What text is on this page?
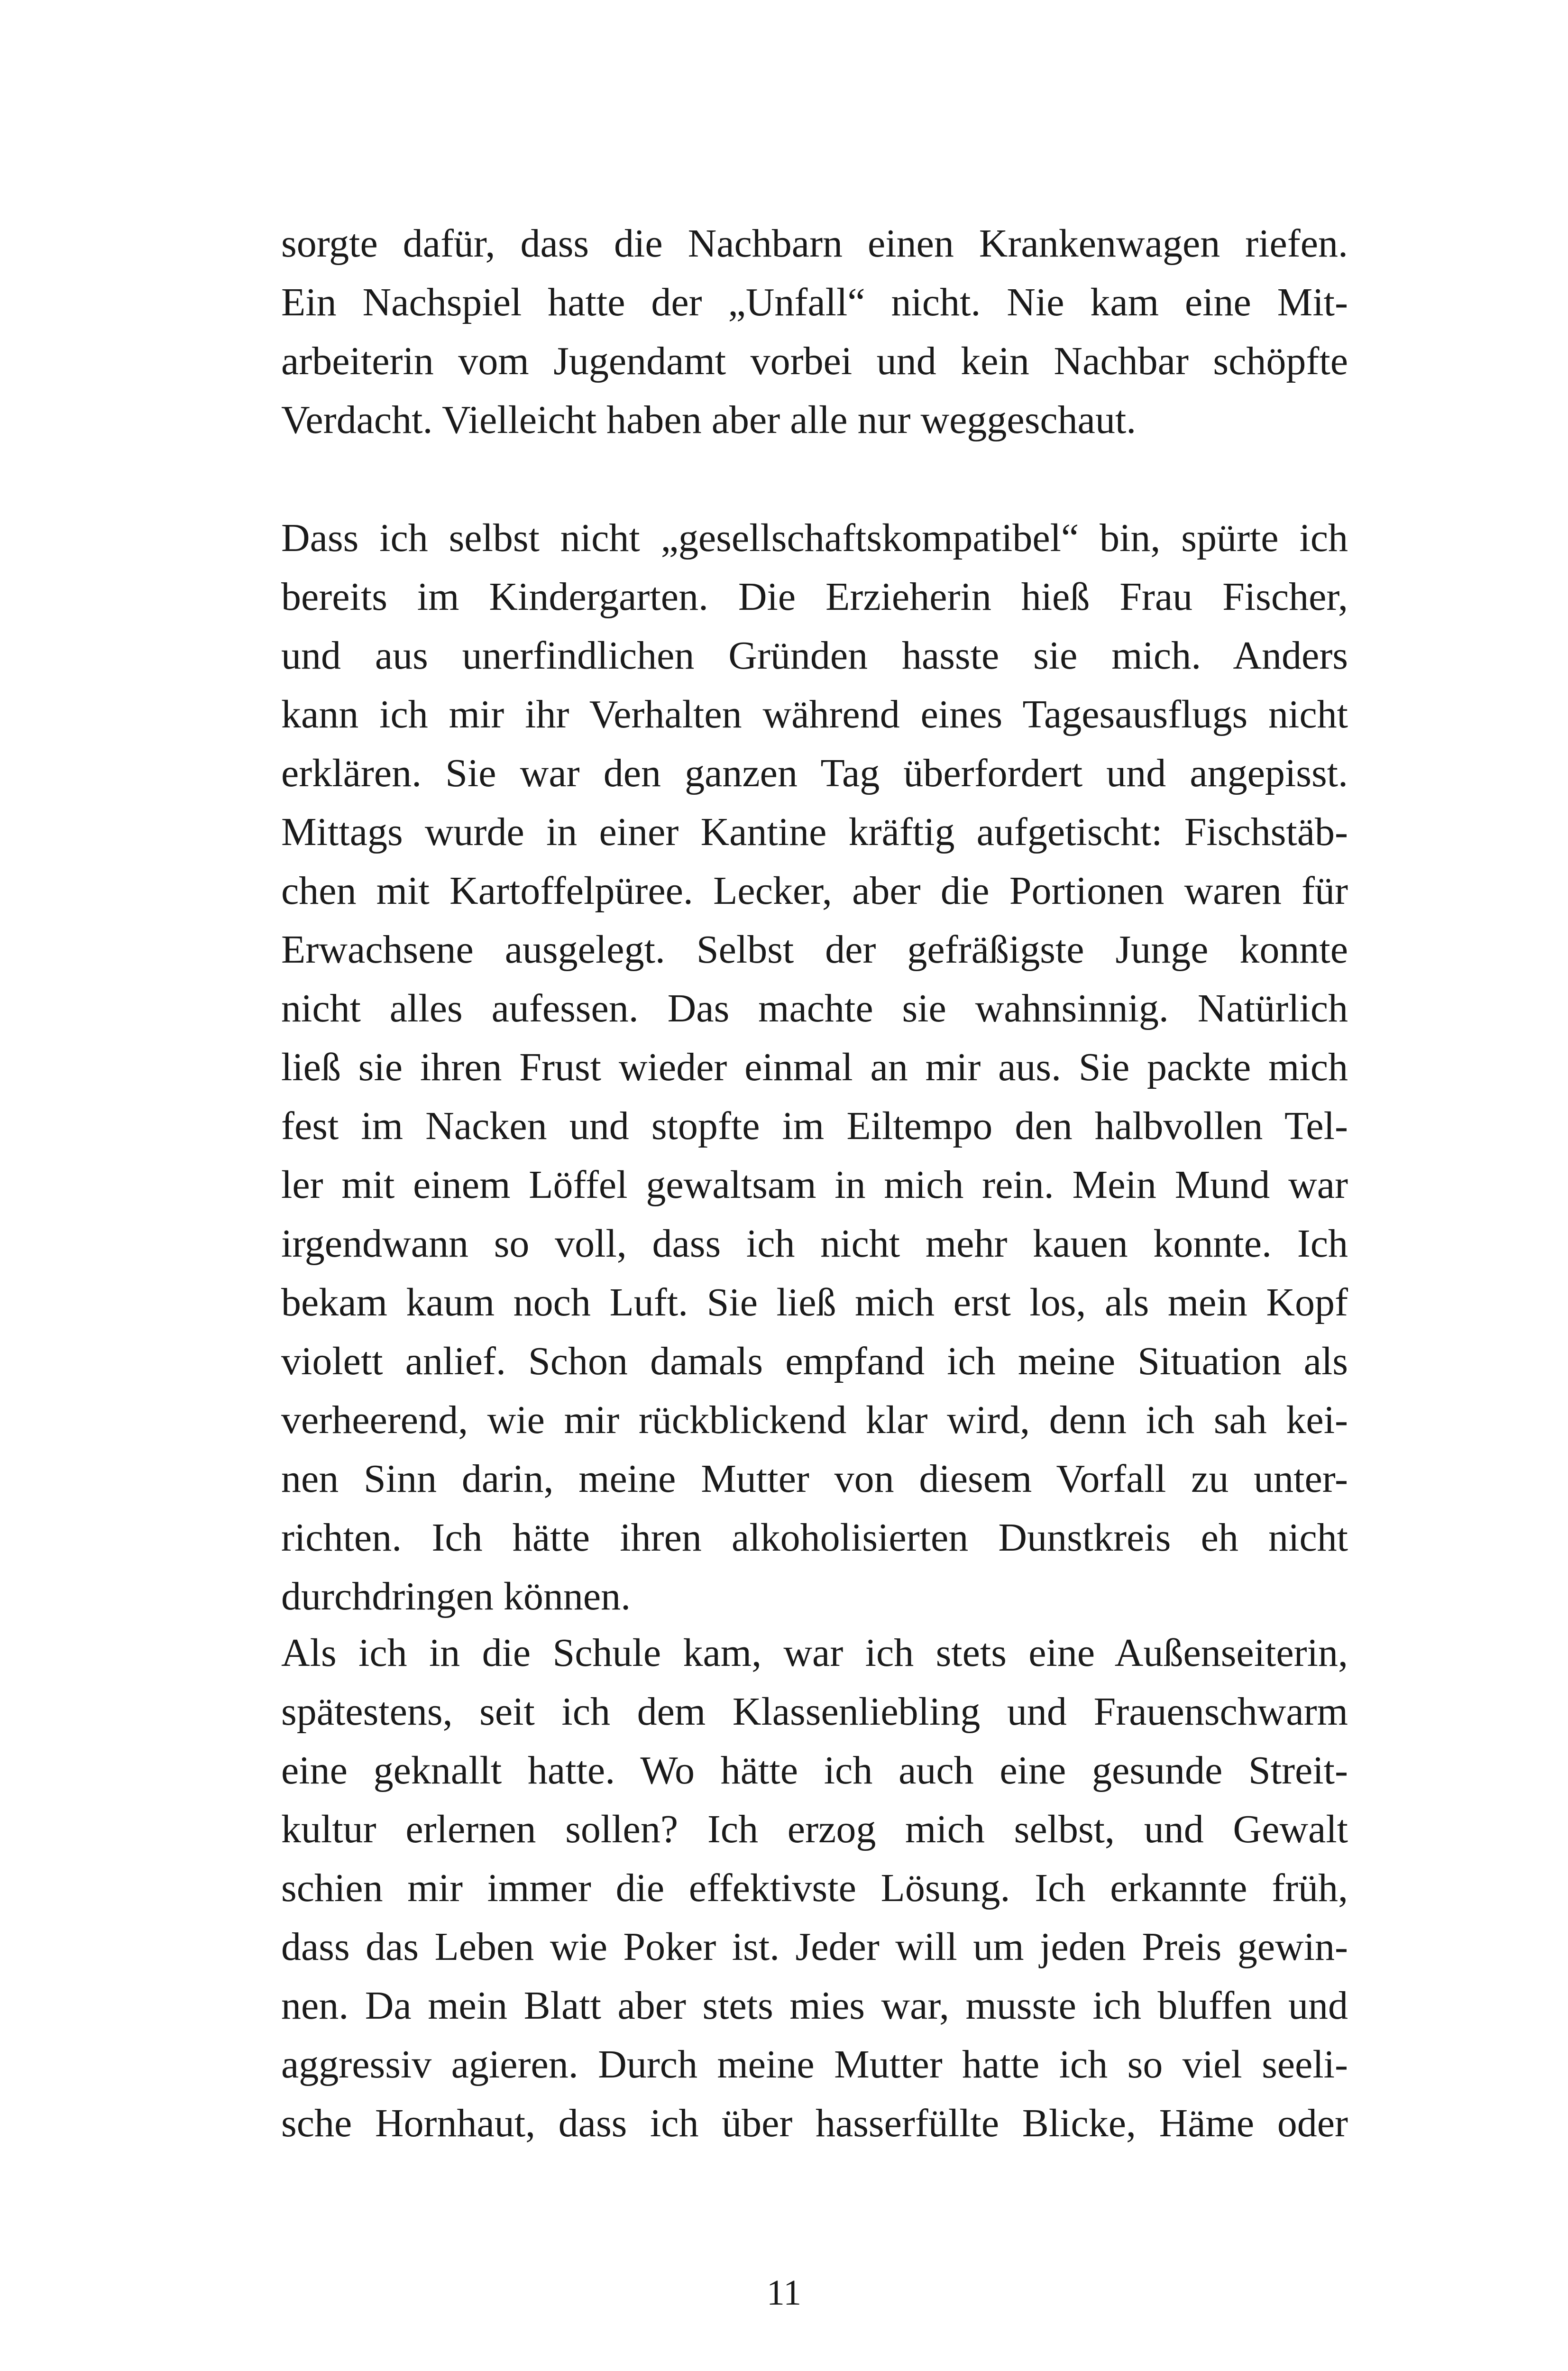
sorgte dafür, dass die Nachbarn einen Krankenwagen riefen.
Ein Nachspiel hatte der „Unfall“ nicht. Nie kam eine Mit-
arbeiterin vom Jugendamt vorbei und kein Nachbar schöpfte
Verdacht. Vielleicht haben aber alle nur weggeschaut.
Dass ich selbst nicht „gesellschaftskompatibel“ bin, spürte ich
bereits im Kindergarten. Die Erzieherin hieß Frau Fischer,
und aus unerfindlichen Gründen hasste sie mich. Anders
kann ich mir ihr Verhalten während eines Tagesausflugs nicht
erklären. Sie war den ganzen Tag überfordert und angepisst.
Mittags wurde in einer Kantine kräftig aufgetischt: Fischstäb-
chen mit Kartoffelpüree. Lecker, aber die Portionen waren für
Erwachsene ausgelegt. Selbst der gefräßigste Junge konnte
nicht alles aufessen. Das machte sie wahnsinnig. Natürlich
ließ sie ihren Frust wieder einmal an mir aus. Sie packte mich
fest im Nacken und stopfte im Eiltempo den halbvollen Tel-
ler mit einem Löffel gewaltsam in mich rein. Mein Mund war
irgendwann so voll, dass ich nicht mehr kauen konnte. Ich
bekam kaum noch Luft. Sie ließ mich erst los, als mein Kopf
violett anlief. Schon damals empfand ich meine Situation als
verheerend, wie mir rückblickend klar wird, denn ich sah kei-
nen Sinn darin, meine Mutter von diesem Vorfall zu unter-
richten. Ich hätte ihren alkoholisierten Dunstkreis eh nicht
durchdringen können.
Als ich in die Schule kam, war ich stets eine Außenseiterin,
spätestens, seit ich dem Klassenliebling und Frauenschwarm
eine geknallt hatte. Wo hätte ich auch eine gesunde Streit-
kultur erlernen sollen? Ich erzog mich selbst, und Gewalt
schien mir immer die effektivste Lösung. Ich erkannte früh,
dass das Leben wie Poker ist. Jeder will um jeden Preis gewin-
nen. Da mein Blatt aber stets mies war, musste ich bluffen und
aggressiv agieren. Durch meine Mutter hatte ich so viel seeli-
sche Hornhaut, dass ich über hasserfüllte Blicke, Häme oder
11
